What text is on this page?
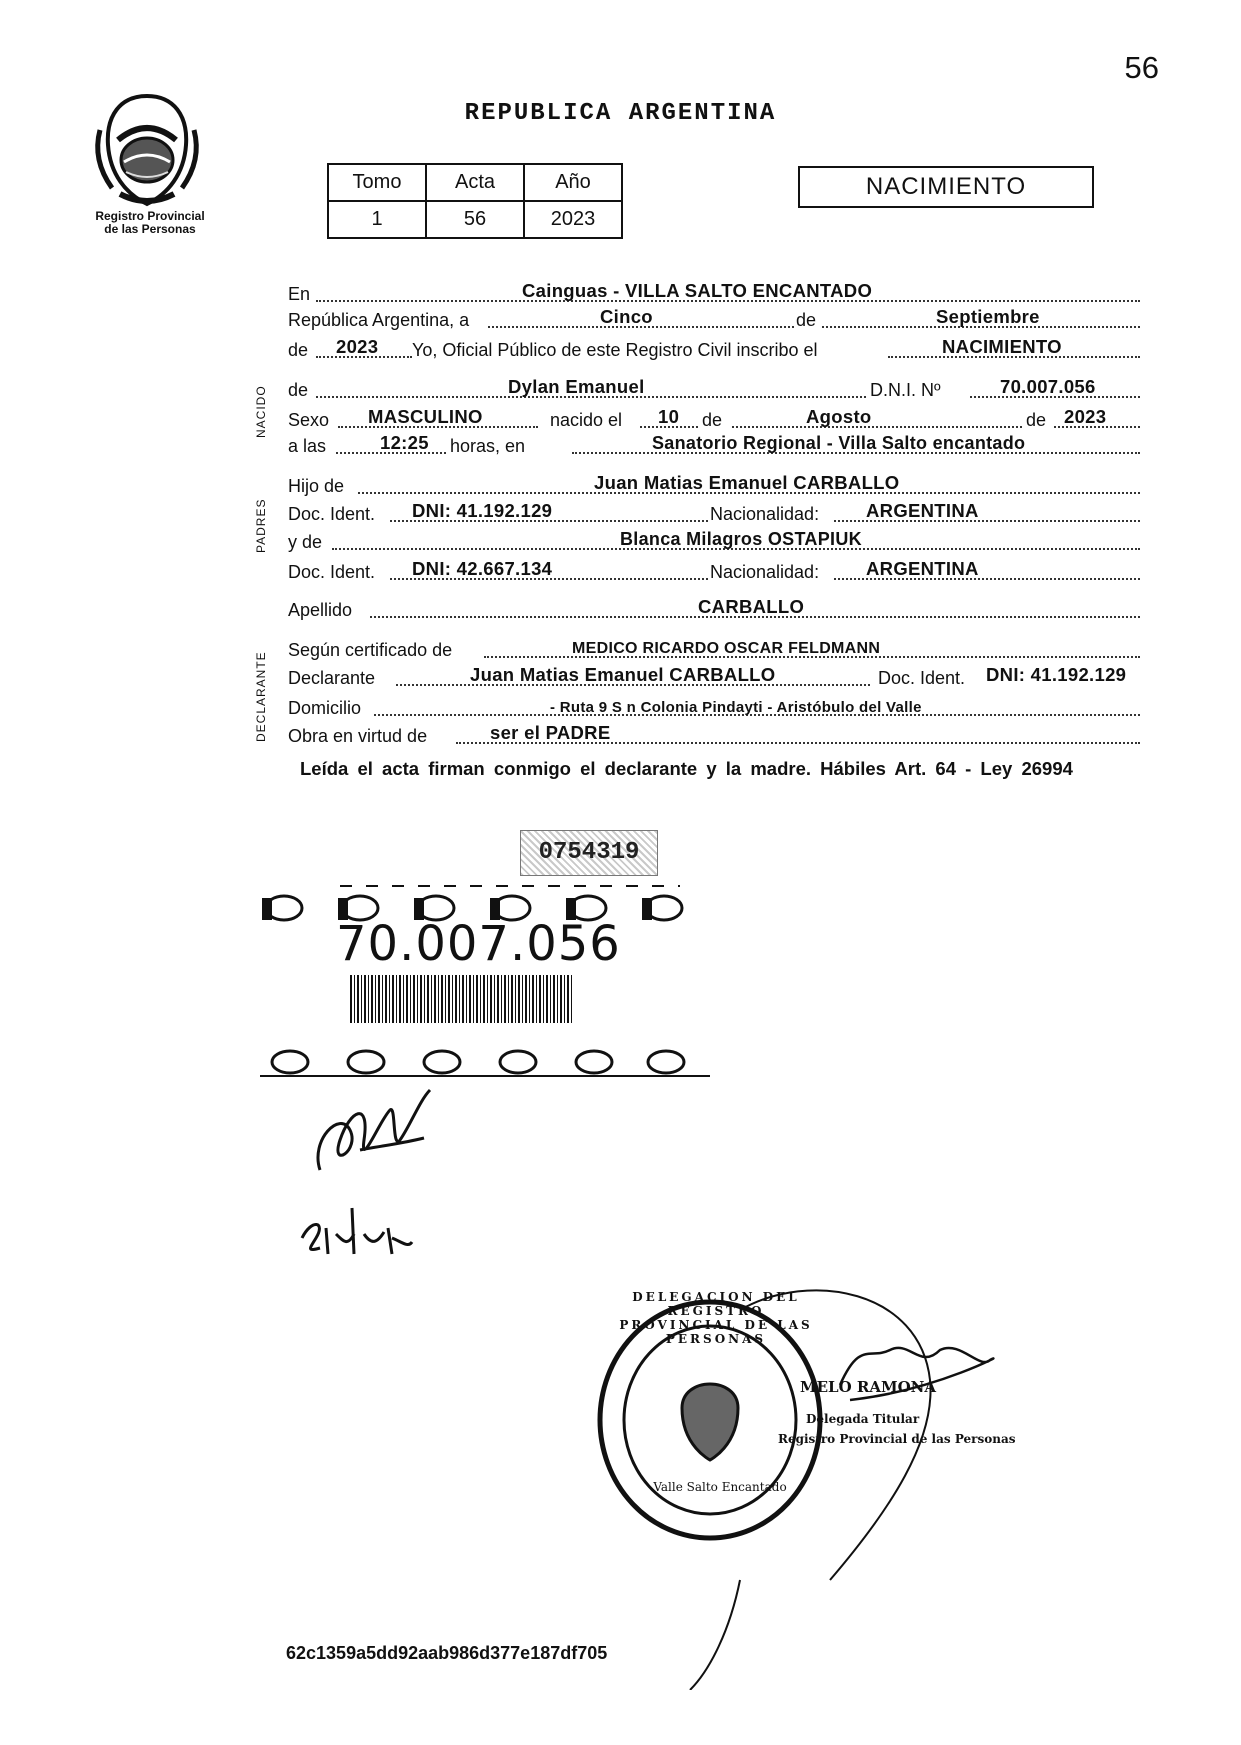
56
Registro Provincial
de las Personas
REPUBLICA ARGENTINA
Tomo	Acta	Año
1	56	2023
NACIMIENTO
NACIDO
PADRES
DECLARANTE
En	Cainguas - VILLA SALTO ENCANTADO
República Argentina, a	Cinco	de	Septiembre
de 2023 Yo, Oficial Público de este Registro Civil inscribo el	NACIMIENTO
de	Dylan Emanuel	D.N.I. Nº	70.007.056
Sexo MASCULINO	nacido el 10 de	Agosto	de 2023
a las	12:25 horas, en	Sanatorio Regional - Villa Salto encantado
Hijo de	Juan Matias Emanuel CARBALLO
Doc. Ident. DNI: 41.192.129	Nacionalidad:	ARGENTINA
y de	Blanca Milagros OSTAPIUK
Doc. Ident. DNI: 42.667.134	Nacionalidad:	ARGENTINA
Apellido	CARBALLO
Según certificado de	MEDICO RICARDO OSCAR FELDMANN
Declarante	Juan Matias Emanuel CARBALLO	Doc. Ident. DNI: 41.192.129
Domicilio	- Ruta 9 S n Colonia Pindayti - Aristóbulo del Valle
Obra en virtud de	ser el PADRE
Leída el acta firman conmigo el declarante y la madre. Hábiles Art. 64 - Ley 26994
0754319
70.007.056
DELEGACION DEL REGISTRO PROVINCIAL DE LAS PERSONAS
Valle Salto Encantado
MELO RAMONA
Delegada Titular
Registro Provincial de las Personas
62c1359a5dd92aab986d377e187df705
